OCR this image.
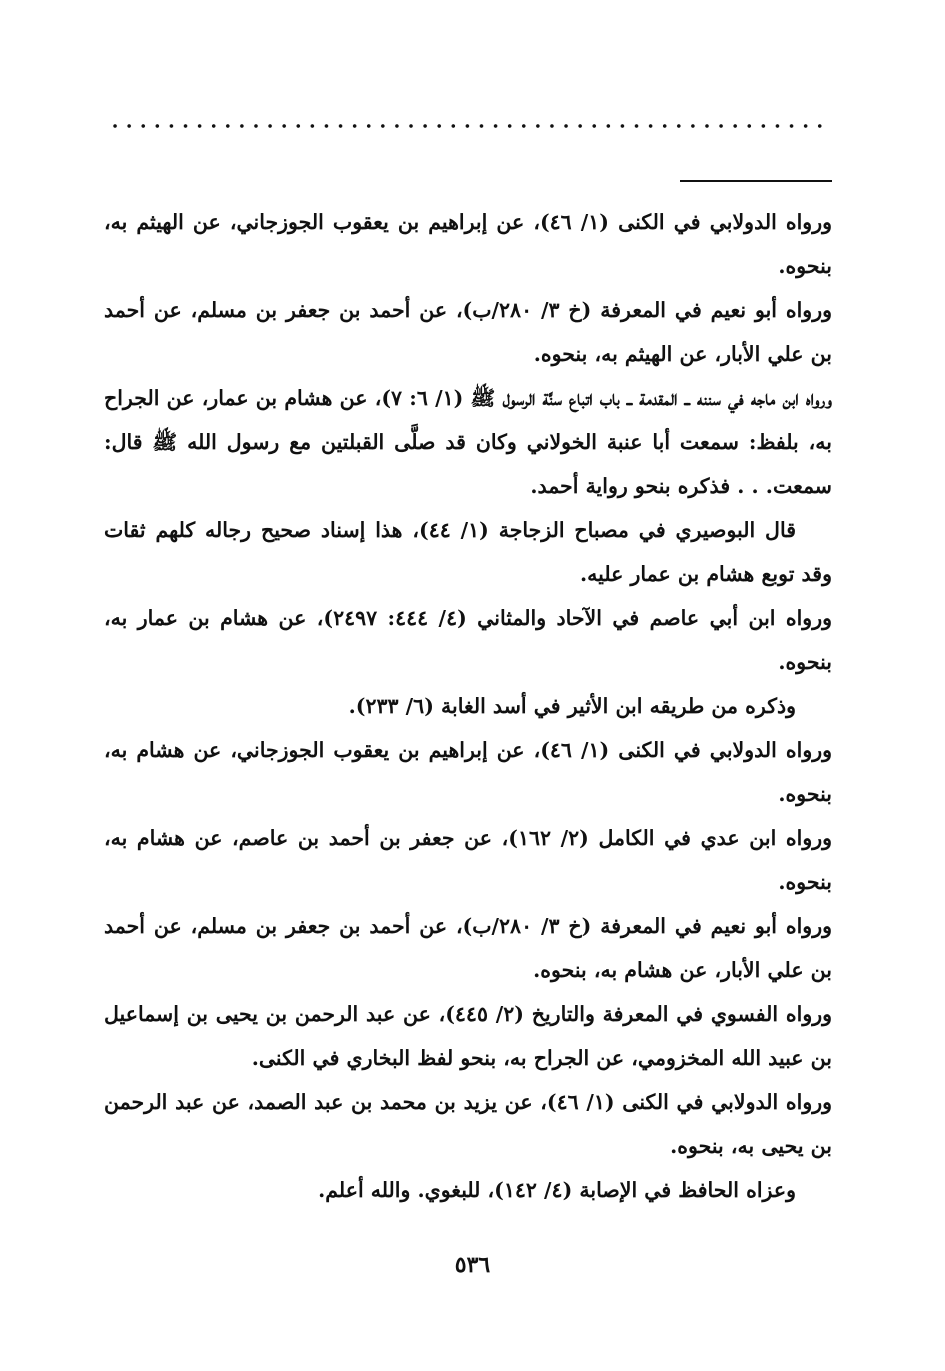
ورواه الدولابي في الكنى (١/ ٤٦)، عن إبراهيم بن يعقوب الجوزجاني، عن الهيثم به، بنحوه.

ورواه أبو نعيم في المعرفة (خ ٣/ ٢٨٠/ب)، عن أحمد بن جعفر بن مسلم، عن أحمد بن علي الأبار، عن الهيثم به، بنحوه.

ورواه ابن ماجه في سننه ــ المقدمة ــ باب اتباع سنَّة الرسول ﷺ (١/ ٦: ٧)، عن هشام بن عمار، عن الجراح به، بلفظ: سمعت أبا عنبة الخولاني وكان قد صلَّى القبلتين مع رسول الله ﷺ قال: سمعت. . . فذكره بنحو رواية أحمد.

قال البوصيري في مصباح الزجاجة (١/ ٤٤)، هذا إسناد صحيح رجاله كلهم ثقات وقد توبع هشام بن عمار عليه.

ورواه ابن أبي عاصم في الآحاد والمثاني (٤/ ٤٤٤: ٢٤٩٧)، عن هشام بن عمار به، بنحوه.

وذكره من طريقه ابن الأثير في أسد الغابة (٦/ ٢٣٣).

ورواه الدولابي في الكنى (١/ ٤٦)، عن إبراهيم بن يعقوب الجوزجاني، عن هشام به، بنحوه.

ورواه ابن عدي في الكامل (٢/ ١٦٢)، عن جعفر بن أحمد بن عاصم، عن هشام به، بنحوه.

ورواه أبو نعيم في المعرفة (خ ٣/ ٢٨٠/ب)، عن أحمد بن جعفر بن مسلم، عن أحمد بن علي الأبار، عن هشام به، بنحوه.

ورواه الفسوي في المعرفة والتاريخ (٢/ ٤٤٥)، عن عبد الرحمن بن يحيى بن إسماعيل بن عبيد الله المخزومي، عن الجراح به، بنحو لفظ البخاري في الكنى.

ورواه الدولابي في الكنى (١/ ٤٦)، عن يزيد بن محمد بن عبد الصمد، عن عبد الرحمن بن يحيى به، بنحوه.

وعزاه الحافظ في الإصابة (٤/ ١٤٢)، للبغوي. والله أعلم.

٥٣٦
